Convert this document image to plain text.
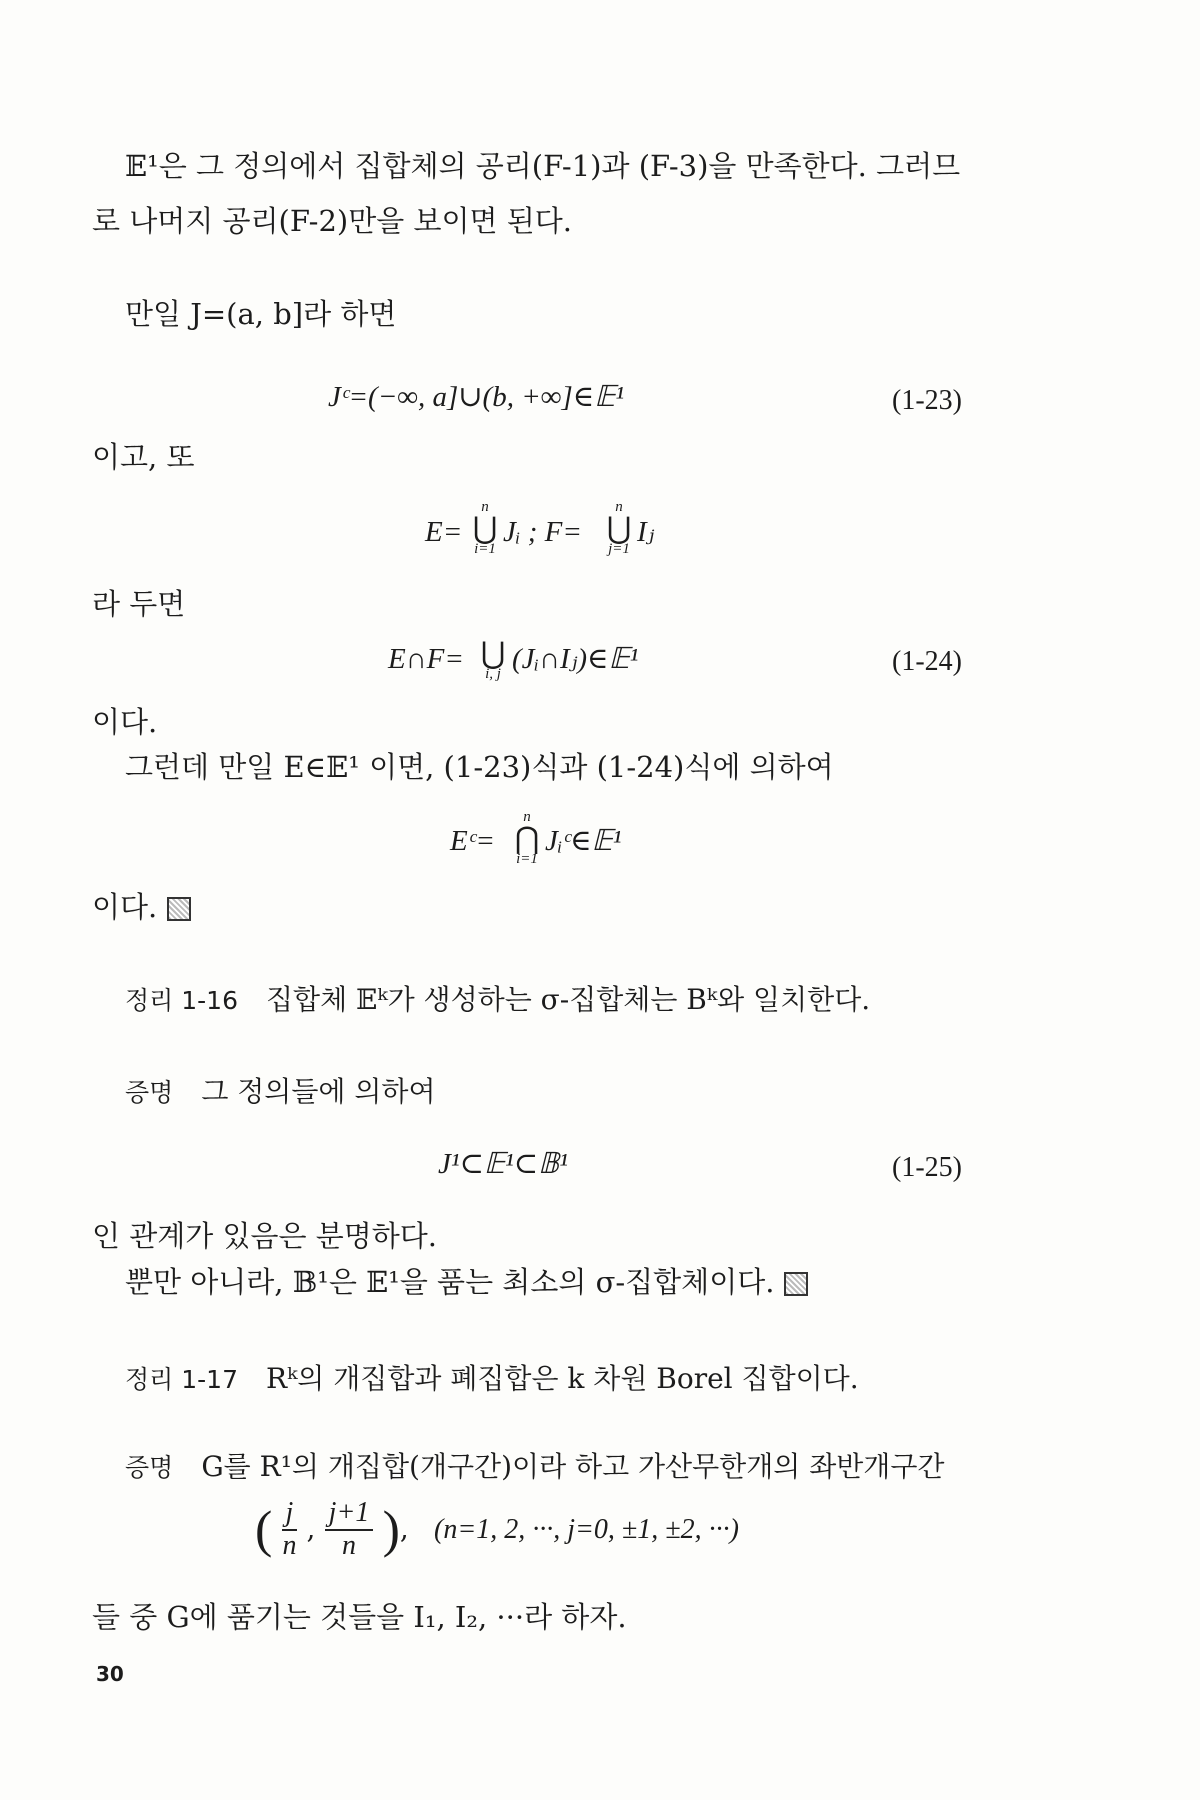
𝔼¹은 그 정의에서 집합체의 공리(F-1)과 (F-3)을 만족한다. 그러므
로 나머지 공리(F-2)만을 보이면 된다.
만일 J=(a, b]라 하면
Jᶜ=(−∞, a]∪(b, +∞]∈𝔼¹	(1-23)
이고, 또
E=
n
⋃
i=1
Jᵢ ; F=
n
⋃
j=1
Iⱼ
라 두면
E∩F= ⋃
i, j (Jᵢ∩Iⱼ)∈𝔼¹	(1-24)
이다.
그런데 만일 E∈𝔼¹ 이면, (1-23)식과 (1-24)식에 의하여
Eᶜ=
n
⋂
i=1
Jᵢᶜ∈𝔼¹
이다.
정리 1-16 집합체 𝔼ᵏ가 생성하는 σ-집합체는 Bᵏ와 일치한다.
증명 그 정의들에 의하여
J¹⊂𝔼¹⊂𝔹¹	(1-25)
인 관계가 있음은 분명하다.
뿐만 아니라, 𝔹¹은 𝔼¹을 품는 최소의 σ-집합체이다.
정리 1-17 Rᵏ의 개집합과 폐집합은 k 차원 Borel 집합이다.
증명 G를 R¹의 개집합(개구간)이라 하고 가산무한개의 좌반개구간
( $\frac{j}{n}$ , $\frac{j+1}{n}$ ), (n=1, 2, ···, j=0, ±1, ±2, ···)
들 중 G에 품기는 것들을 I₁, I₂, ···라 하자.
30
